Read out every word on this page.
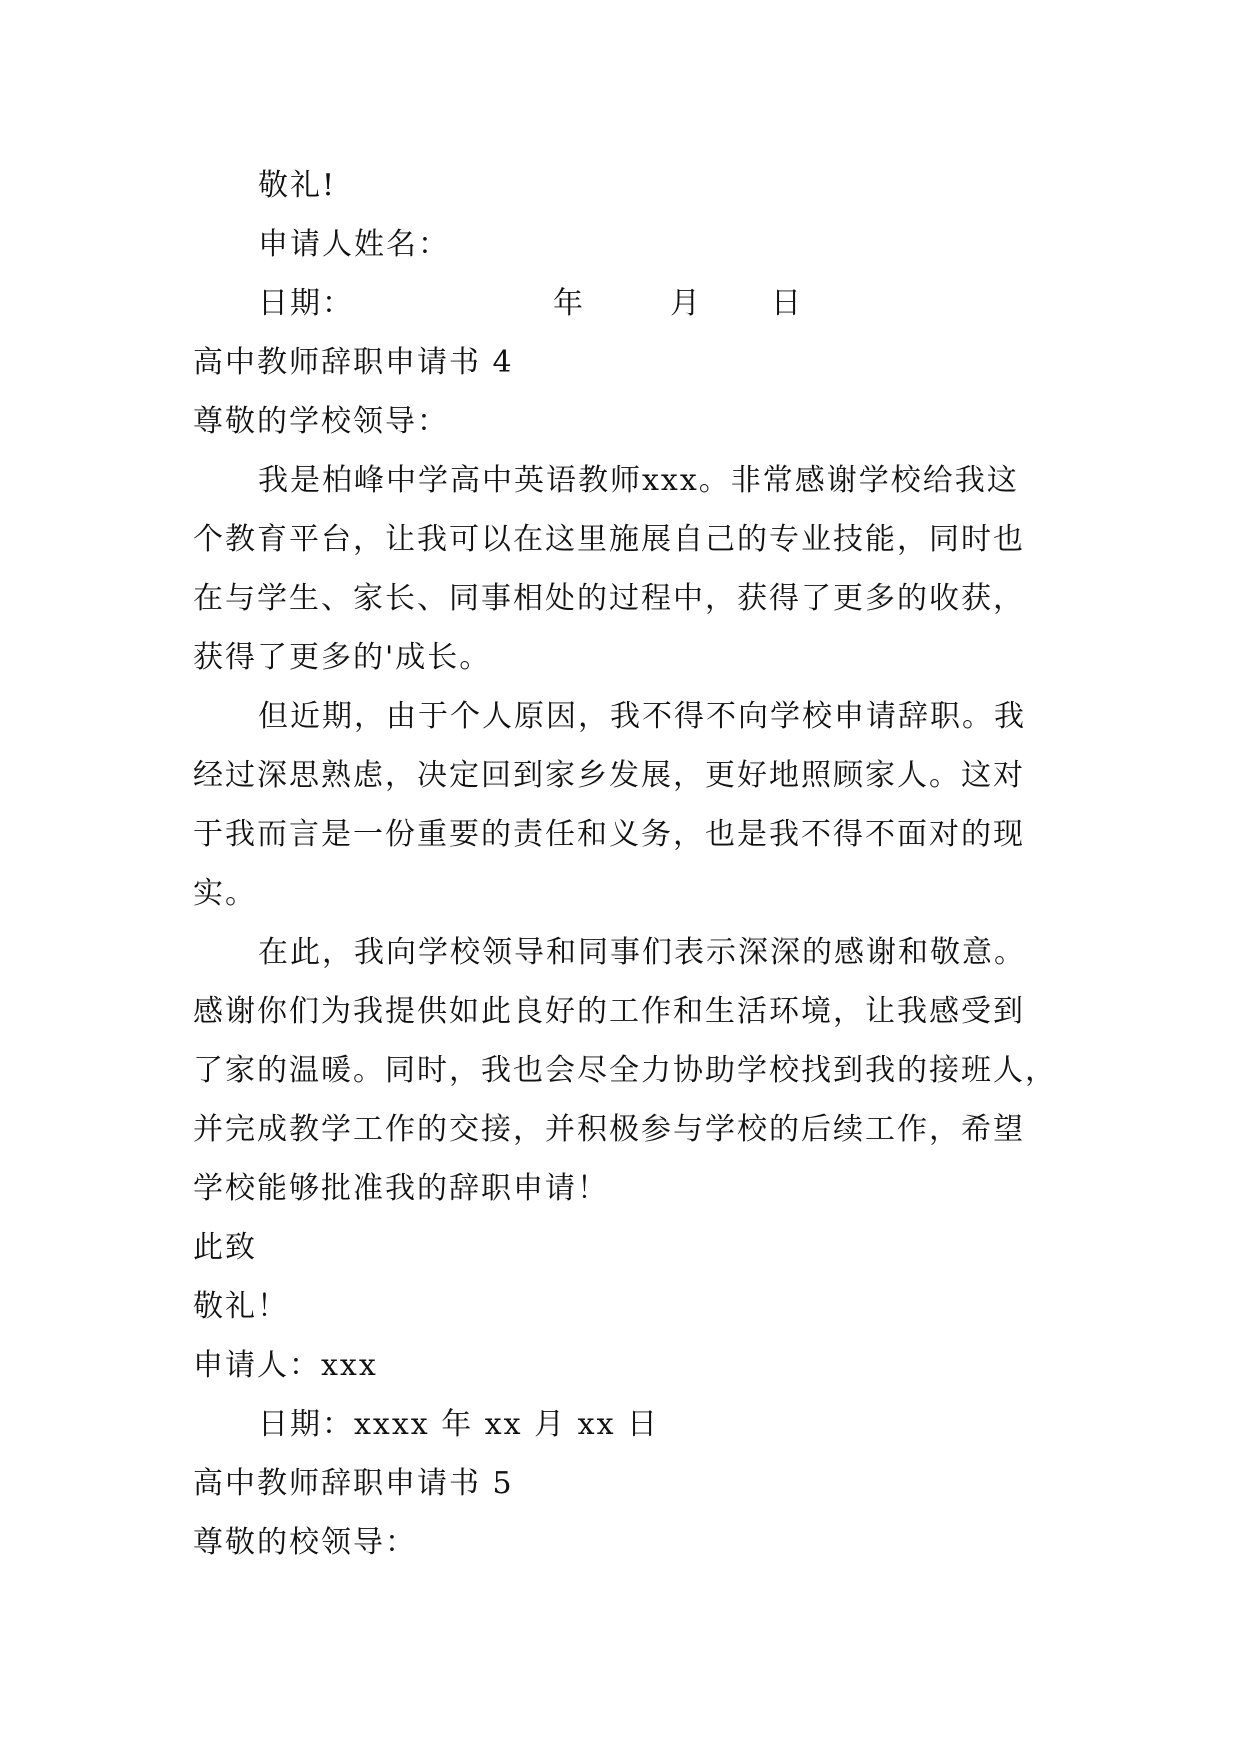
敬礼!
申请人姓名：
日期：	年	月 日
高中教师辞职申请书 4
尊敬的学校领导：
我是柏峰中学高中英语教师xxx。非常感谢学校给我这
个教育平台，让我可以在这里施展自己的专业技能，同时也
在与学生、家长、同事相处的过程中，获得了更多的收获，
获得了更多的'成长。
但近期，由于个人原因，我不得不向学校申请辞职。我
经过深思熟虑，决定回到家乡发展，更好地照顾家人。这对
于我而言是一份重要的责任和义务，也是我不得不面对的现
实。
在此，我向学校领导和同事们表示深深的感谢和敬意。
感谢你们为我提供如此良好的工作和生活环境，让我感受到
了家的温暖。同时，我也会尽全力协助学校找到我的接班人，
并完成教学工作的交接，并积极参与学校的后续工作，希望
学校能够批准我的辞职申请！
此致
敬礼！
申请人：xxx
日期：xxxx 年 xx 月 xx 日
高中教师辞职申请书 5
尊敬的校领导：
